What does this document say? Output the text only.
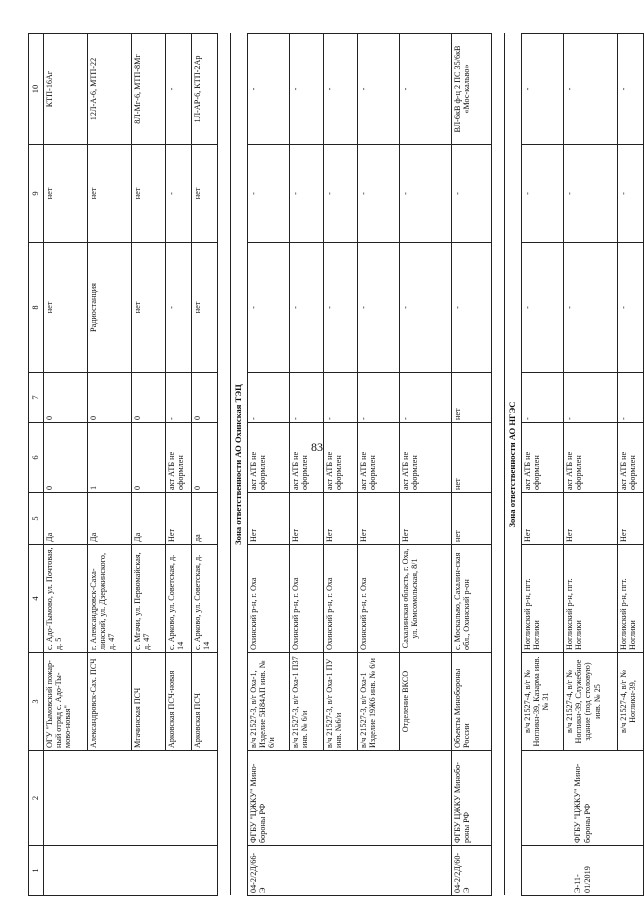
83
1	2	3	4	5	6	7	8	9	10
		ОГУ "Тымовский пожар-ный отряд с. Адо-Ты-мово-новая"	с. Адо-Тымово, ул. Почтовая, д. 5	Да	0	0	нет	нет	КТП-16Аг
		Александровск-Сах. ПСЧ	г. Александровск-Саха-линский, ул. Дзержинского, д. 47	Да	1	0	Радиостанция	нет	12Л-А-6, МТП-22
		Мгачинская ПСЧ	с. Мгачи, ул. Первомайская, д. 47	Да	0	0	нет	нет	8Л-Мг-6, МТП-8Мг
		Арковская ПСЧ-новая	с. Арково, ул. Советская, д. 14	Нет	акт АТБ не оформлен	-	-	-	-
		Арковская ПСЧ	с. Арково, ул. Советская, д. 14	да	0	0	нет	нет	1Л-АР-6, КТП-2Ар

Зона ответственности АО Охинская ТЭЦ									
04-2/2Д/66-Э	ФГБУ "ЦЖКУ" Мино-бороны РФ	в/ч 21527-3, в/г Оха-1, Изделие 5Н84АП инв. № 6/и	Охинский р-н, г. Оха	Нет	акт АТБ не оформлен	-	-	-	-
		в/ч 21527-3, в/г Оха-1 П37 инв. № 6/и	Охинский р-н, г. Оха	Нет	акт АТБ не оформлен	-	-	-	-
		в/ч 21527-3, в/г Оха-1 ПУ инв. №6/и	Охинский р-н, г. Оха	Нет	акт АТБ не оформлен	-	-	-	-
		в/ч 21527-3, в/г Оха-1 Изделие 19Ж6 инв. № 6/и	Охинский р-н, г. Оха	Нет	акт АТБ не оформлен	-	-	-	-
		Отделение ВКСО	Сахалинская область, г. Оха, ул. Комсомольская, 8/1	Нет	акт АТБ не оформлен	-	-	-	-
04-2/2Д/60-Э	ФГБУ ЦЖКУ Минобо-роны РФ	Объекты Минобороны России	с. Москальво, Сахалин-ская обл., Охинский р-он	нет	нет	нет	-	-	ВЛ-6кВ ф-ц 2 ПС 35/6кВ «Мос-кальво»

Зона ответственности АО НГЭС									
Э-11-01/2019	ФГБУ "ЦЖКУ" Мино-бороны РФ	в/ч 21527-4, в/г № Ногликн-39, Казарма инв. № 31	Ногликский р-н, пгт. Ноглики	Нет	акт АТБ не оформлен	-	-	-	-
		в/ч 21527-4, в/г № Ногликн-39, Служебное здание (под столовую) инв. № 25	Ногликский р-н, пгт. Ноглики	Нет	акт АТБ не оформлен	-	-	-	-
		в/ч 21527-4, в/г № Ногликн-39,	Ногликский р-н, пгт. Ноглики	Нет	акт АТБ не оформлен	-	-	-	-
